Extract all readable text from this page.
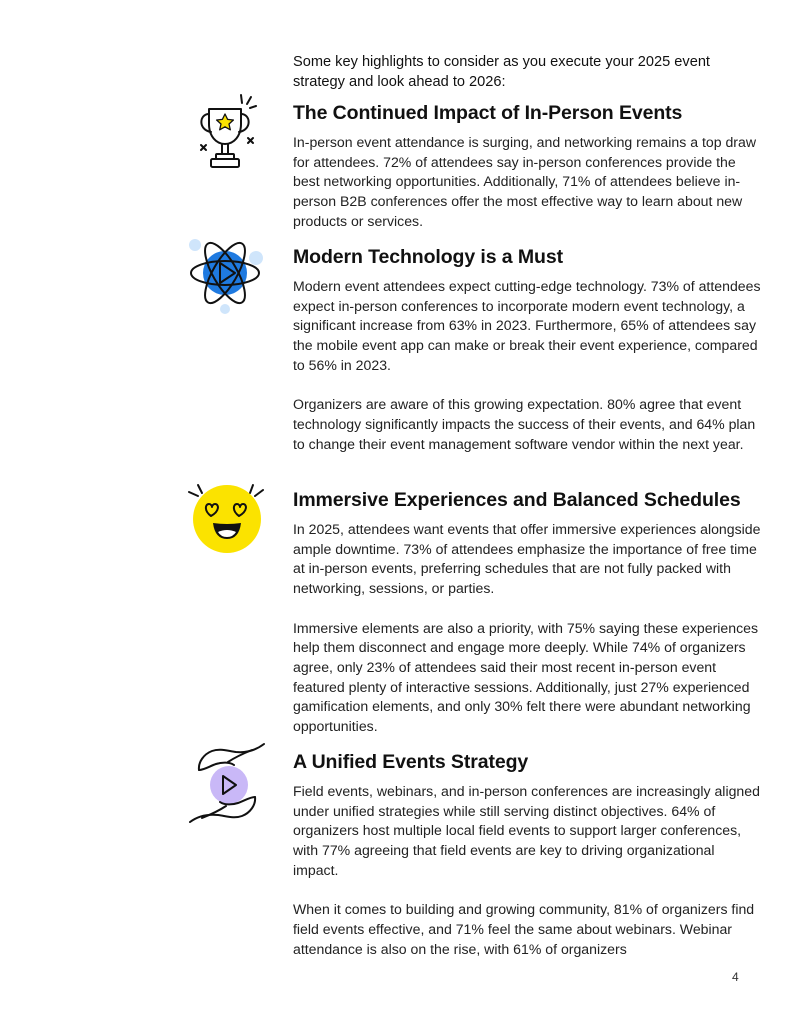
Some key highlights to consider as you execute your 2025 event strategy and look ahead to 2026:
The Continued Impact of In-Person Events

In-person event attendance is surging, and networking remains a top draw for attendees. 72% of attendees say in-person conferences provide the best networking opportunities. Additionally, 71% of attendees believe in-person B2B conferences offer the most effective way to learn about new products or services.

Modern Technology is a Must

Modern event attendees expect cutting-edge technology. 73% of attendees expect in-person conferences to incorporate modern event technology, a significant increase from 63% in 2023. Furthermore, 65% of attendees say the mobile event app can make or break their event experience, compared to 56% in 2023.

Organizers are aware of this growing expectation. 80% agree that event technology significantly impacts the success of their events, and 64% plan to change their event management software vendor within the next year.

Immersive Experiences and Balanced Schedules

In 2025, attendees want events that offer immersive experiences alongside ample downtime. 73% of attendees emphasize the importance of free time at in-person events, preferring schedules that are not fully packed with networking, sessions, or parties.

Immersive elements are also a priority, with 75% saying these experiences help them disconnect and engage more deeply. While 74% of organizers agree, only 23% of attendees said their most recent in-person event featured plenty of interactive sessions. Additionally, just 27% experienced gamification elements, and only 30% felt there were abundant networking opportunities.

A Unified Events Strategy

Field events, webinars, and in-person conferences are increasingly aligned under unified strategies while still serving distinct objectives. 64% of organizers host multiple local field events to support larger conferences, with 77% agreeing that field events are key to driving organizational impact.

When it comes to building and growing community, 81% of organizers find field events effective, and 71% feel the same about webinars. Webinar attendance is also on the rise, with 61% of organizers

4
